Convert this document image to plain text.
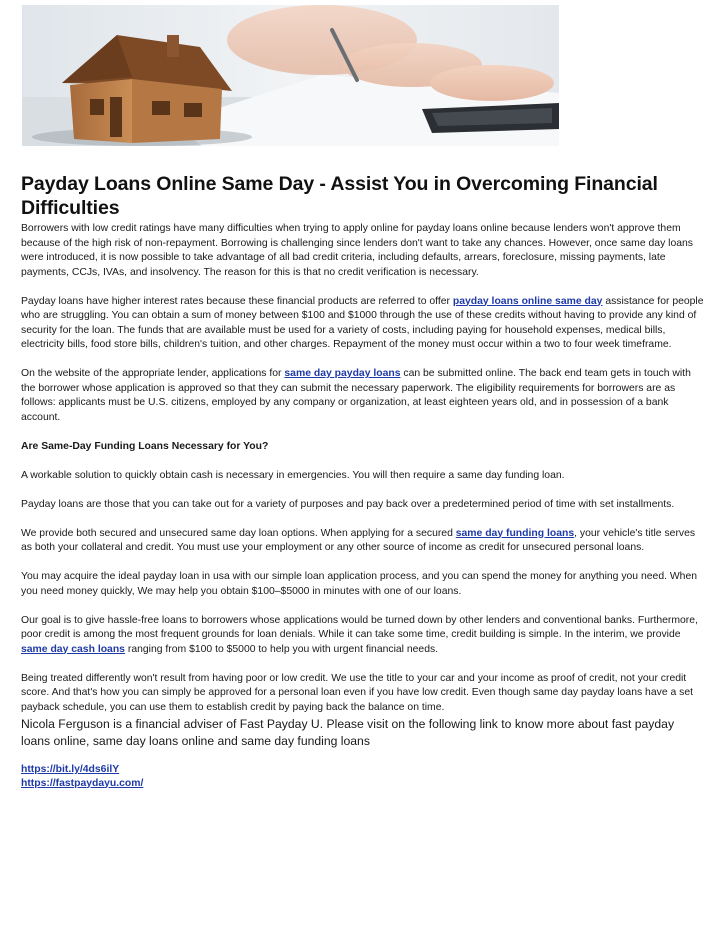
Payday Loans Online Same Day - Assist You in Overcoming Financial Difficulties

Borrowers with low credit ratings have many difficulties when trying to apply online for payday loans online because lenders won't approve them because of the high risk of non-repayment. Borrowing is challenging since lenders don't want to take any chances. However, once same day loans were introduced, it is now possible to take advantage of all bad credit criteria, including defaults, arrears, foreclosure, missing payments, late payments, CCJs, IVAs, and insolvency. The reason for this is that no credit verification is necessary.

Payday loans have higher interest rates because these financial products are referred to offer payday loans online same day assistance for people who are struggling. You can obtain a sum of money between $100 and $1000 through the use of these credits without having to provide any kind of security for the loan. The funds that are available must be used for a variety of costs, including paying for household expenses, medical bills, electricity bills, food store bills, children's tuition, and other charges. Repayment of the money must occur within a two to four week timeframe.

On the website of the appropriate lender, applications for same day payday loans can be submitted online. The back end team gets in touch with the borrower whose application is approved so that they can submit the necessary paperwork. The eligibility requirements for borrowers are as follows: applicants must be U.S. citizens, employed by any company or organization, at least eighteen years old, and in possession of a bank account.

Are Same-Day Funding Loans Necessary for You?

A workable solution to quickly obtain cash is necessary in emergencies. You will then require a same day funding loan.

Payday loans are those that you can take out for a variety of purposes and pay back over a predetermined period of time with set installments.

We provide both secured and unsecured same day loan options. When applying for a secured same day funding loans, your vehicle's title serves as both your collateral and credit. You must use your employment or any other source of income as credit for unsecured personal loans.

You may acquire the ideal payday loan in usa with our simple loan application process, and you can spend the money for anything you need. When you need money quickly, We may help you obtain $100–$5000 in minutes with one of our loans.

Our goal is to give hassle-free loans to borrowers whose applications would be turned down by other lenders and conventional banks. Furthermore, poor credit is among the most frequent grounds for loan denials. While it can take some time, credit building is simple. In the interim, we provide same day cash loans ranging from $100 to $5000 to help you with urgent financial needs.

Being treated differently won't result from having poor or low credit. We use the title to your car and your income as proof of credit, not your credit score. And that's how you can simply be approved for a personal loan even if you have low credit. Even though same day payday loans have a set payback schedule, you can use them to establish credit by paying back the balance on time.

Nicola Ferguson is a financial adviser of Fast Payday U. Please visit on the following link to know more about fast payday loans online, same day loans online and same day funding loans

https://bit.ly/4ds6ilY
https://fastpaydayu.com/
